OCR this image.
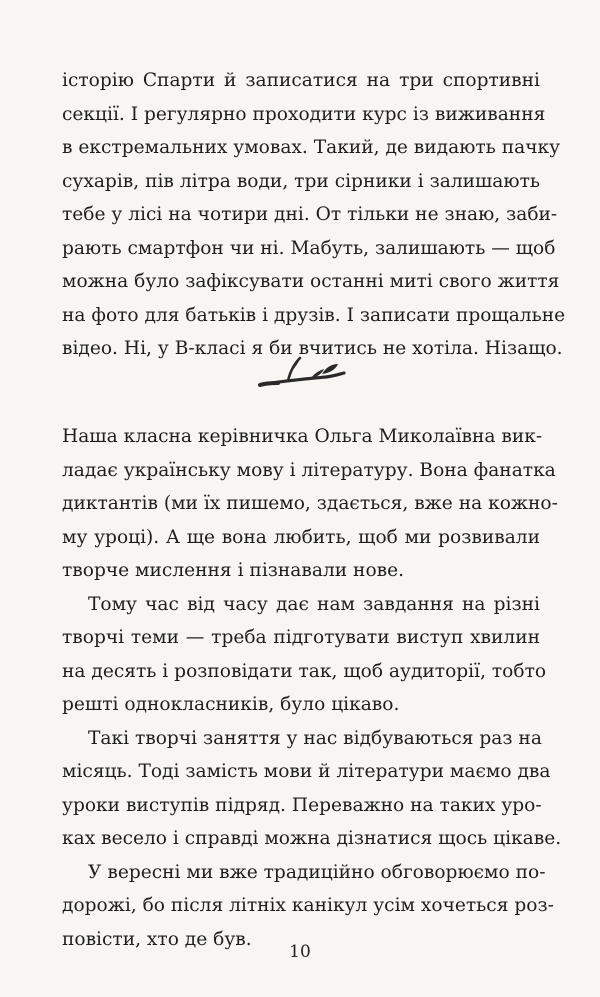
історію Спарти й записатися на три спортивні
секції. І регулярно проходити курс із виживання
в екстремальних умовах. Такий, де видають пачку
сухарів, пів літра води, три сірники і залишають
тебе у лісі на чотири дні. От тільки не знаю, заби-
рають смартфон чи ні. Мабуть, залишають — щоб
можна було зафіксувати останні миті свого життя
на фото для батьків і друзів. І записати прощальне
відео. Ні, у В-класі я би вчитись не хотіла. Нізащо.
Наша класна керівничка Ольга Миколаївна вик-
ладає українську мову і літературу. Вона фанатка
диктантів (ми їх пишемо, здається, вже на кожно-
му уроці). А ще вона любить, щоб ми розвивали
творче мислення і пізнавали нове.
Тому час від часу дає нам завдання на різні
творчі теми — треба підготувати виступ хвилин
на десять і розповідати так, щоб аудиторії, тобто
решті однокласників, було цікаво.
Такі творчі заняття у нас відбуваються раз на
місяць. Тоді замість мови й літератури маємо два
уроки виступів підряд. Переважно на таких уро-
ках весело і справді можна дізнатися щось цікаве.
У вересні ми вже традиційно обговорюємо по-
дорожі, бо після літніх канікул усім хочеться роз-
повісти, хто де був.
10
